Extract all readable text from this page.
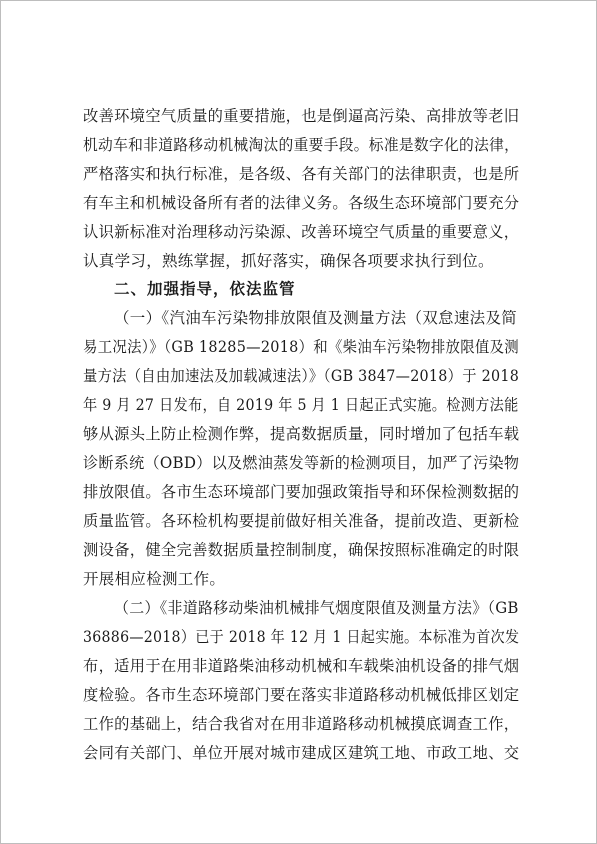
改善环境空气质量的重要措施，也是倒逼高污染、高排放等老旧
机动车和非道路移动机械淘汰的重要手段。标准是数字化的法律，
严格落实和执行标准，是各级、各有关部门的法律职责，也是所
有车主和机械设备所有者的法律义务。各级生态环境部门要充分
认识新标准对治理移动污染源、改善环境空气质量的重要意义，
认真学习，熟练掌握，抓好落实，确保各项要求执行到位。
二、加强指导，依法监管
（一）《汽油车污染物排放限值及测量方法（双怠速法及简
易工况法）》（GB 18285—2018）和《柴油车污染物排放限值及测
量方法（自由加速法及加载减速法）》（GB 3847—2018）于 2018
年 9 月 27 日发布，自 2019 年 5 月 1 日起正式实施。检测方法能
够从源头上防止检测作弊，提高数据质量，同时增加了包括车载
诊断系统（OBD）以及燃油蒸发等新的检测项目，加严了污染物
排放限值。各市生态环境部门要加强政策指导和环保检测数据的
质量监管。各环检机构要提前做好相关准备，提前改造、更新检
测设备，健全完善数据质量控制制度，确保按照标准确定的时限
开展相应检测工作。
（二）《非道路移动柴油机械排气烟度限值及测量方法》（GB
36886—2018）已于 2018 年 12 月 1 日起实施。本标准为首次发
布，适用于在用非道路柴油移动机械和车载柴油机设备的排气烟
度检验。各市生态环境部门要在落实非道路移动机械低排区划定
工作的基础上，结合我省对在用非道路移动机械摸底调查工作，
会同有关部门、单位开展对城市建成区建筑工地、市政工地、交
